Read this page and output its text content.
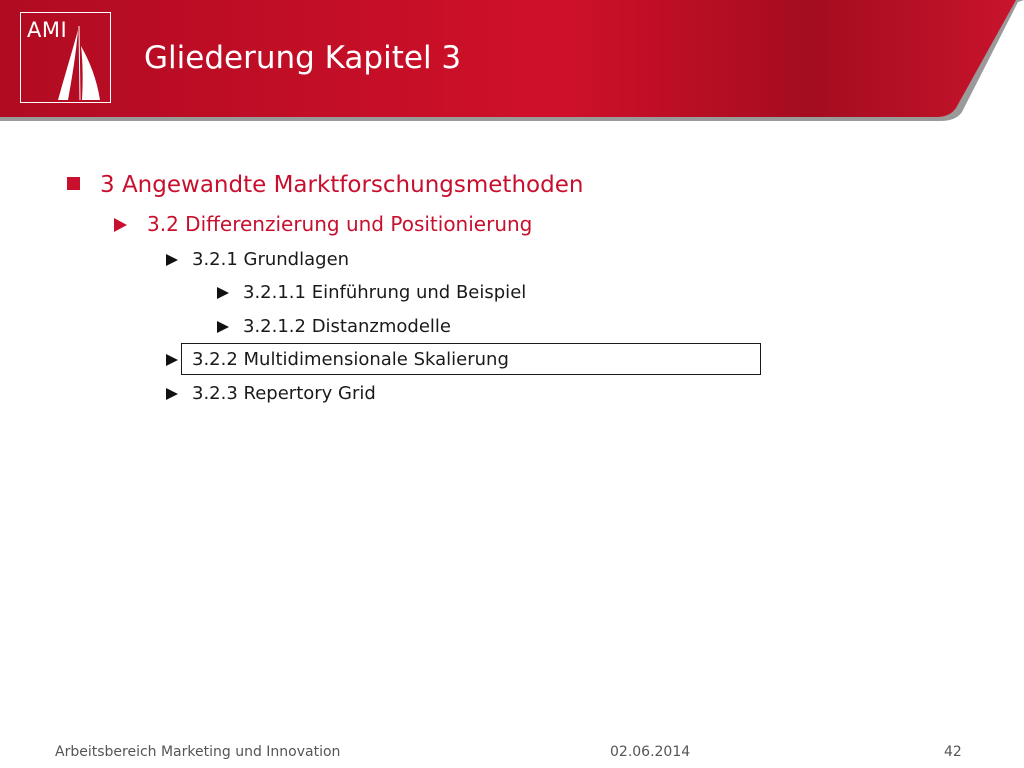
AMI
Gliederung Kapitel 3
3 Angewandte Marktforschungsmethoden
3.2 Differenzierung und Positionierung
3.2.1 Grundlagen
3.2.1.1 Einführung und Beispiel
3.2.1.2 Distanzmodelle
3.2.2 Multidimensionale Skalierung
3.2.3 Repertory Grid
Arbeitsbereich Marketing und Innovation	02.06.2014	42
